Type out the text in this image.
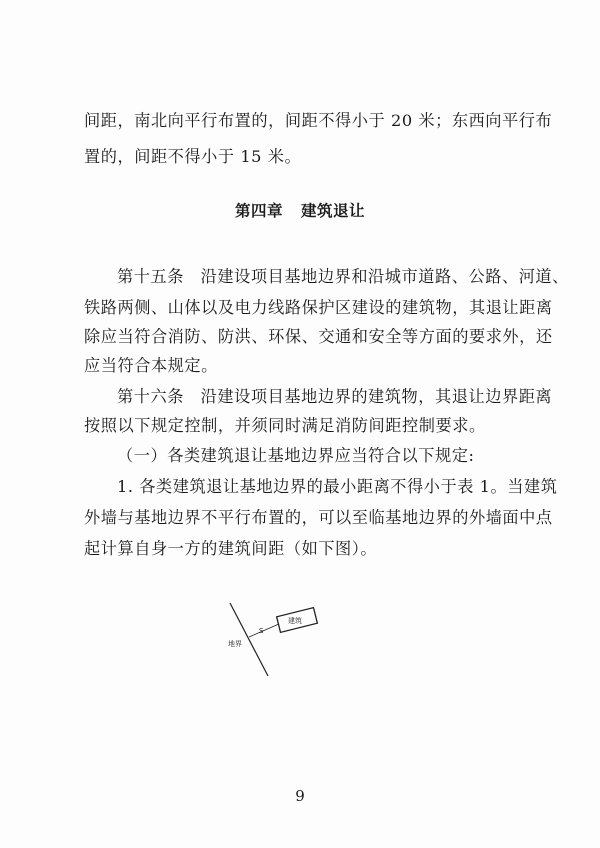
间距，南北向平行布置的，间距不得小于 20 米；东西向平行布
置的，间距不得小于 15 米。
第四章 建筑退让
第十五条　沿建设项目基地边界和沿城市道路、公路、河道、
铁路两侧、山体以及电力线路保护区建设的建筑物，其退让距离
除应当符合消防、防洪、环保、交通和安全等方面的要求外，还
应当符合本规定。
第十六条　沿建设项目基地边界的建筑物，其退让边界距离
按照以下规定控制，并须同时满足消防间距控制要求。
（一）各类建筑退让基地边界应当符合以下规定:
1. 各类建筑退让基地边界的最小距离不得小于表 1。当建筑
外墙与基地边界不平行布置的，可以至临基地边界的外墙面中点
起计算自身一方的建筑间距（如下图）。
建筑
S
地界
9
